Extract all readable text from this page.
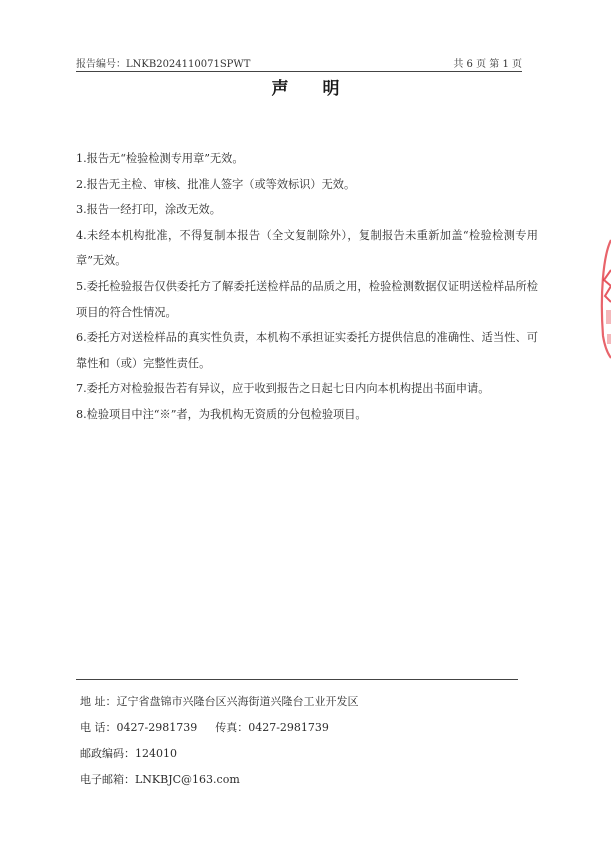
报告编号：LNKB2024110071SPWT	共 6 页 第 1 页
声明

1.报告无“检验检测专用章”无效。

2.报告无主检、审核、批准人签字（或等效标识）无效。

3.报告一经打印，涂改无效。

4.未经本机构批准，不得复制本报告（全文复制除外），复制报告未重新加盖“检验检测专用章”无效。

5.委托检验报告仅供委托方了解委托送检样品的品质之用，检验检测数据仅证明送检样品所检项目的符合性情况。

6.委托方对送检样品的真实性负责，本机构不承担证实委托方提供信息的准确性、适当性、可靠性和（或）完整性责任。

7.委托方对检验报告若有异议，应于收到报告之日起七日内向本机构提出书面申请。

8.检验项目中注“※”者，为我机构无资质的分包检验项目。

地 址：辽宁省盘锦市兴隆台区兴海街道兴隆台工业开发区
电 话：0427-2981739 传真：0427-2981739
邮政编码：124010
电子邮箱：LNKBJC@163.com
